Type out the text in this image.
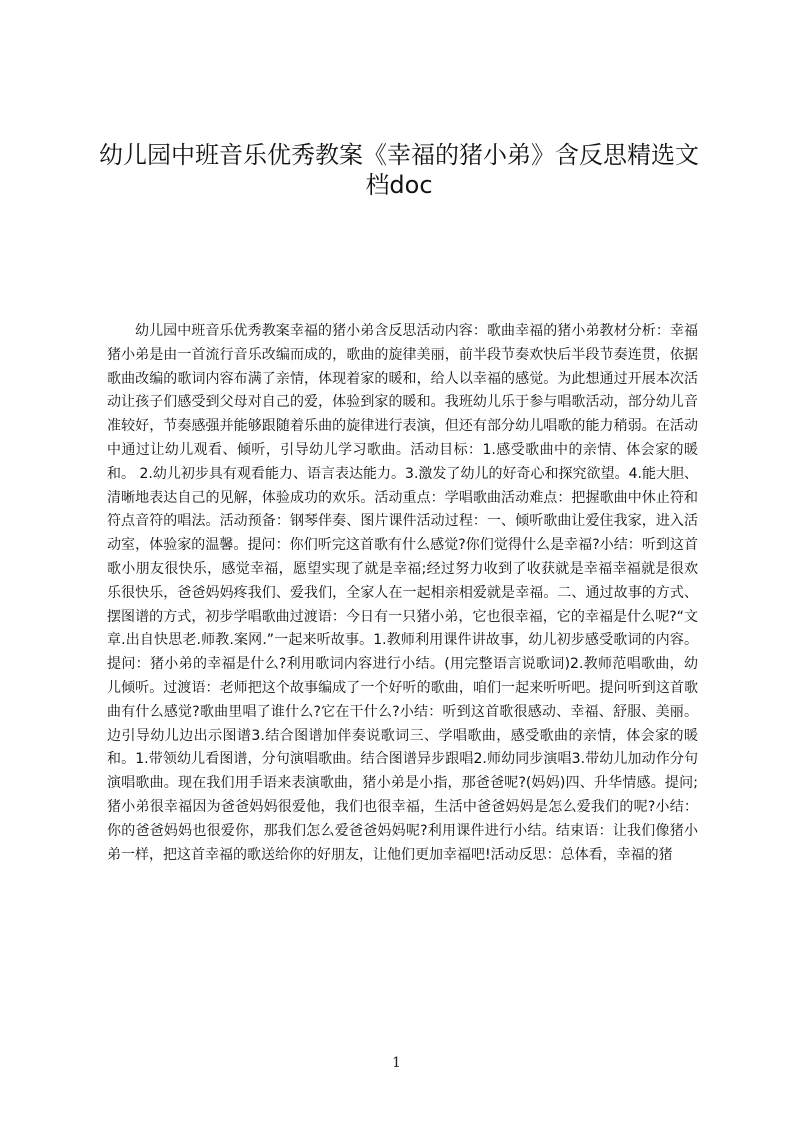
幼儿园中班音乐优秀教案《幸福的猪小弟》含反思精选文档doc

幼儿园中班音乐优秀教案幸福的猪小弟含反思活动内容：歌曲幸福的猪小弟教材分析：幸福猪小弟是由一首流行音乐改编而成的，歌曲的旋律美丽，前半段节奏欢快后半段节奏连贯，依据歌曲改编的歌词内容布满了亲情，体现着家的暖和，给人以幸福的感觉。为此想通过开展本次活动让孩子们感受到父母对自己的爱，体验到家的暖和。我班幼儿乐于参与唱歌活动，部分幼儿音准较好，节奏感强并能够跟随着乐曲的旋律进行表演，但还有部分幼儿唱歌的能力稍弱。在活动中通过让幼儿观看、倾听，引导幼儿学习歌曲。活动目标：1.感受歌曲中的亲情、体会家的暖和。 2.幼儿初步具有观看能力、语言表达能力。3.激发了幼儿的好奇心和探究欲望。4.能大胆、清晰地表达自己的见解，体验成功的欢乐。活动重点：学唱歌曲活动难点：把握歌曲中休止符和符点音符的唱法。活动预备：钢琴伴奏、图片课件活动过程：一、倾听歌曲让爱住我家，进入活动室，体验家的温馨。提问：你们听完这首歌有什么感觉?你们觉得什么是幸福?小结：听到这首歌小朋友很快乐，感觉幸福，愿望实现了就是幸福;经过努力收到了收获就是幸福幸福就是很欢乐很快乐，爸爸妈妈疼我们、爱我们，全家人在一起相亲相爱就是幸福。二、通过故事的方式、摆图谱的方式，初步学唱歌曲过渡语：今日有一只猪小弟，它也很幸福，它的幸福是什么呢?“文章.出自快思老.师教.案网.”一起来听故事。1.教师利用课件讲故事，幼儿初步感受歌词的内容。提问：猪小弟的幸福是什么?利用歌词内容进行小结。(用完整语言说歌词)2.教师范唱歌曲，幼儿倾听。过渡语：老师把这个故事编成了一个好听的歌曲，咱们一起来听听吧。提问听到这首歌曲有什么感觉?歌曲里唱了谁什么?它在干什么?小结：听到这首歌很感动、幸福、舒服、美丽。边引导幼儿边出示图谱3.结合图谱加伴奏说歌词三、学唱歌曲，感受歌曲的亲情，体会家的暖和。1.带领幼儿看图谱，分句演唱歌曲。结合图谱异步跟唱2.师幼同步演唱3.带幼儿加动作分句演唱歌曲。现在我们用手语来表演歌曲，猪小弟是小指，那爸爸呢?(妈妈)四、升华情感。提问;猪小弟很幸福因为爸爸妈妈很爱他，我们也很幸福，生活中爸爸妈妈是怎么爱我们的呢?小结：你的爸爸妈妈也很爱你，那我们怎么爱爸爸妈妈呢?利用课件进行小结。结束语：让我们像猪小弟一样，把这首幸福的歌送给你的好朋友，让他们更加幸福吧!活动反思：总体看，幸福的猪

1
